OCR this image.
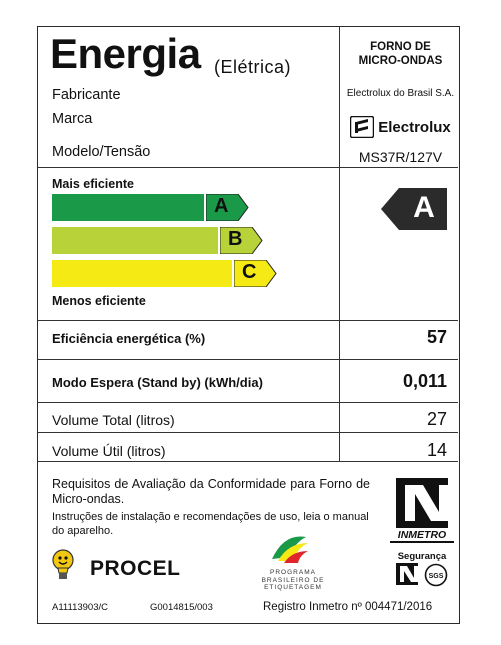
Energia (Elétrica)
FORNO DE
MICRO-ONDAS
Fabricante	Electrolux do Brasil S.A.
Marca	Electrolux
Modelo/Tensão	MS37R/127V
Mais eficiente
A
B
C
Menos eficiente
A
Eficiência energética (%)	57
Modo Espera (Stand by) (kWh/dia)	0,011
Volume Total (litros)	27
Volume Útil (litros)	14
Requisitos de Avaliação da Conformidade para Forno de Micro-ondas.
Instruções de instalação e recomendações de uso, leia o manual do aparelho.
PROCEL	PROGRAMA
BRASILEIRO DE
ETIQUETAGEM
INMETRO
Segurança
SGS
A11113903/C	G0014815/003	Registro Inmetro nº 004471/2016
